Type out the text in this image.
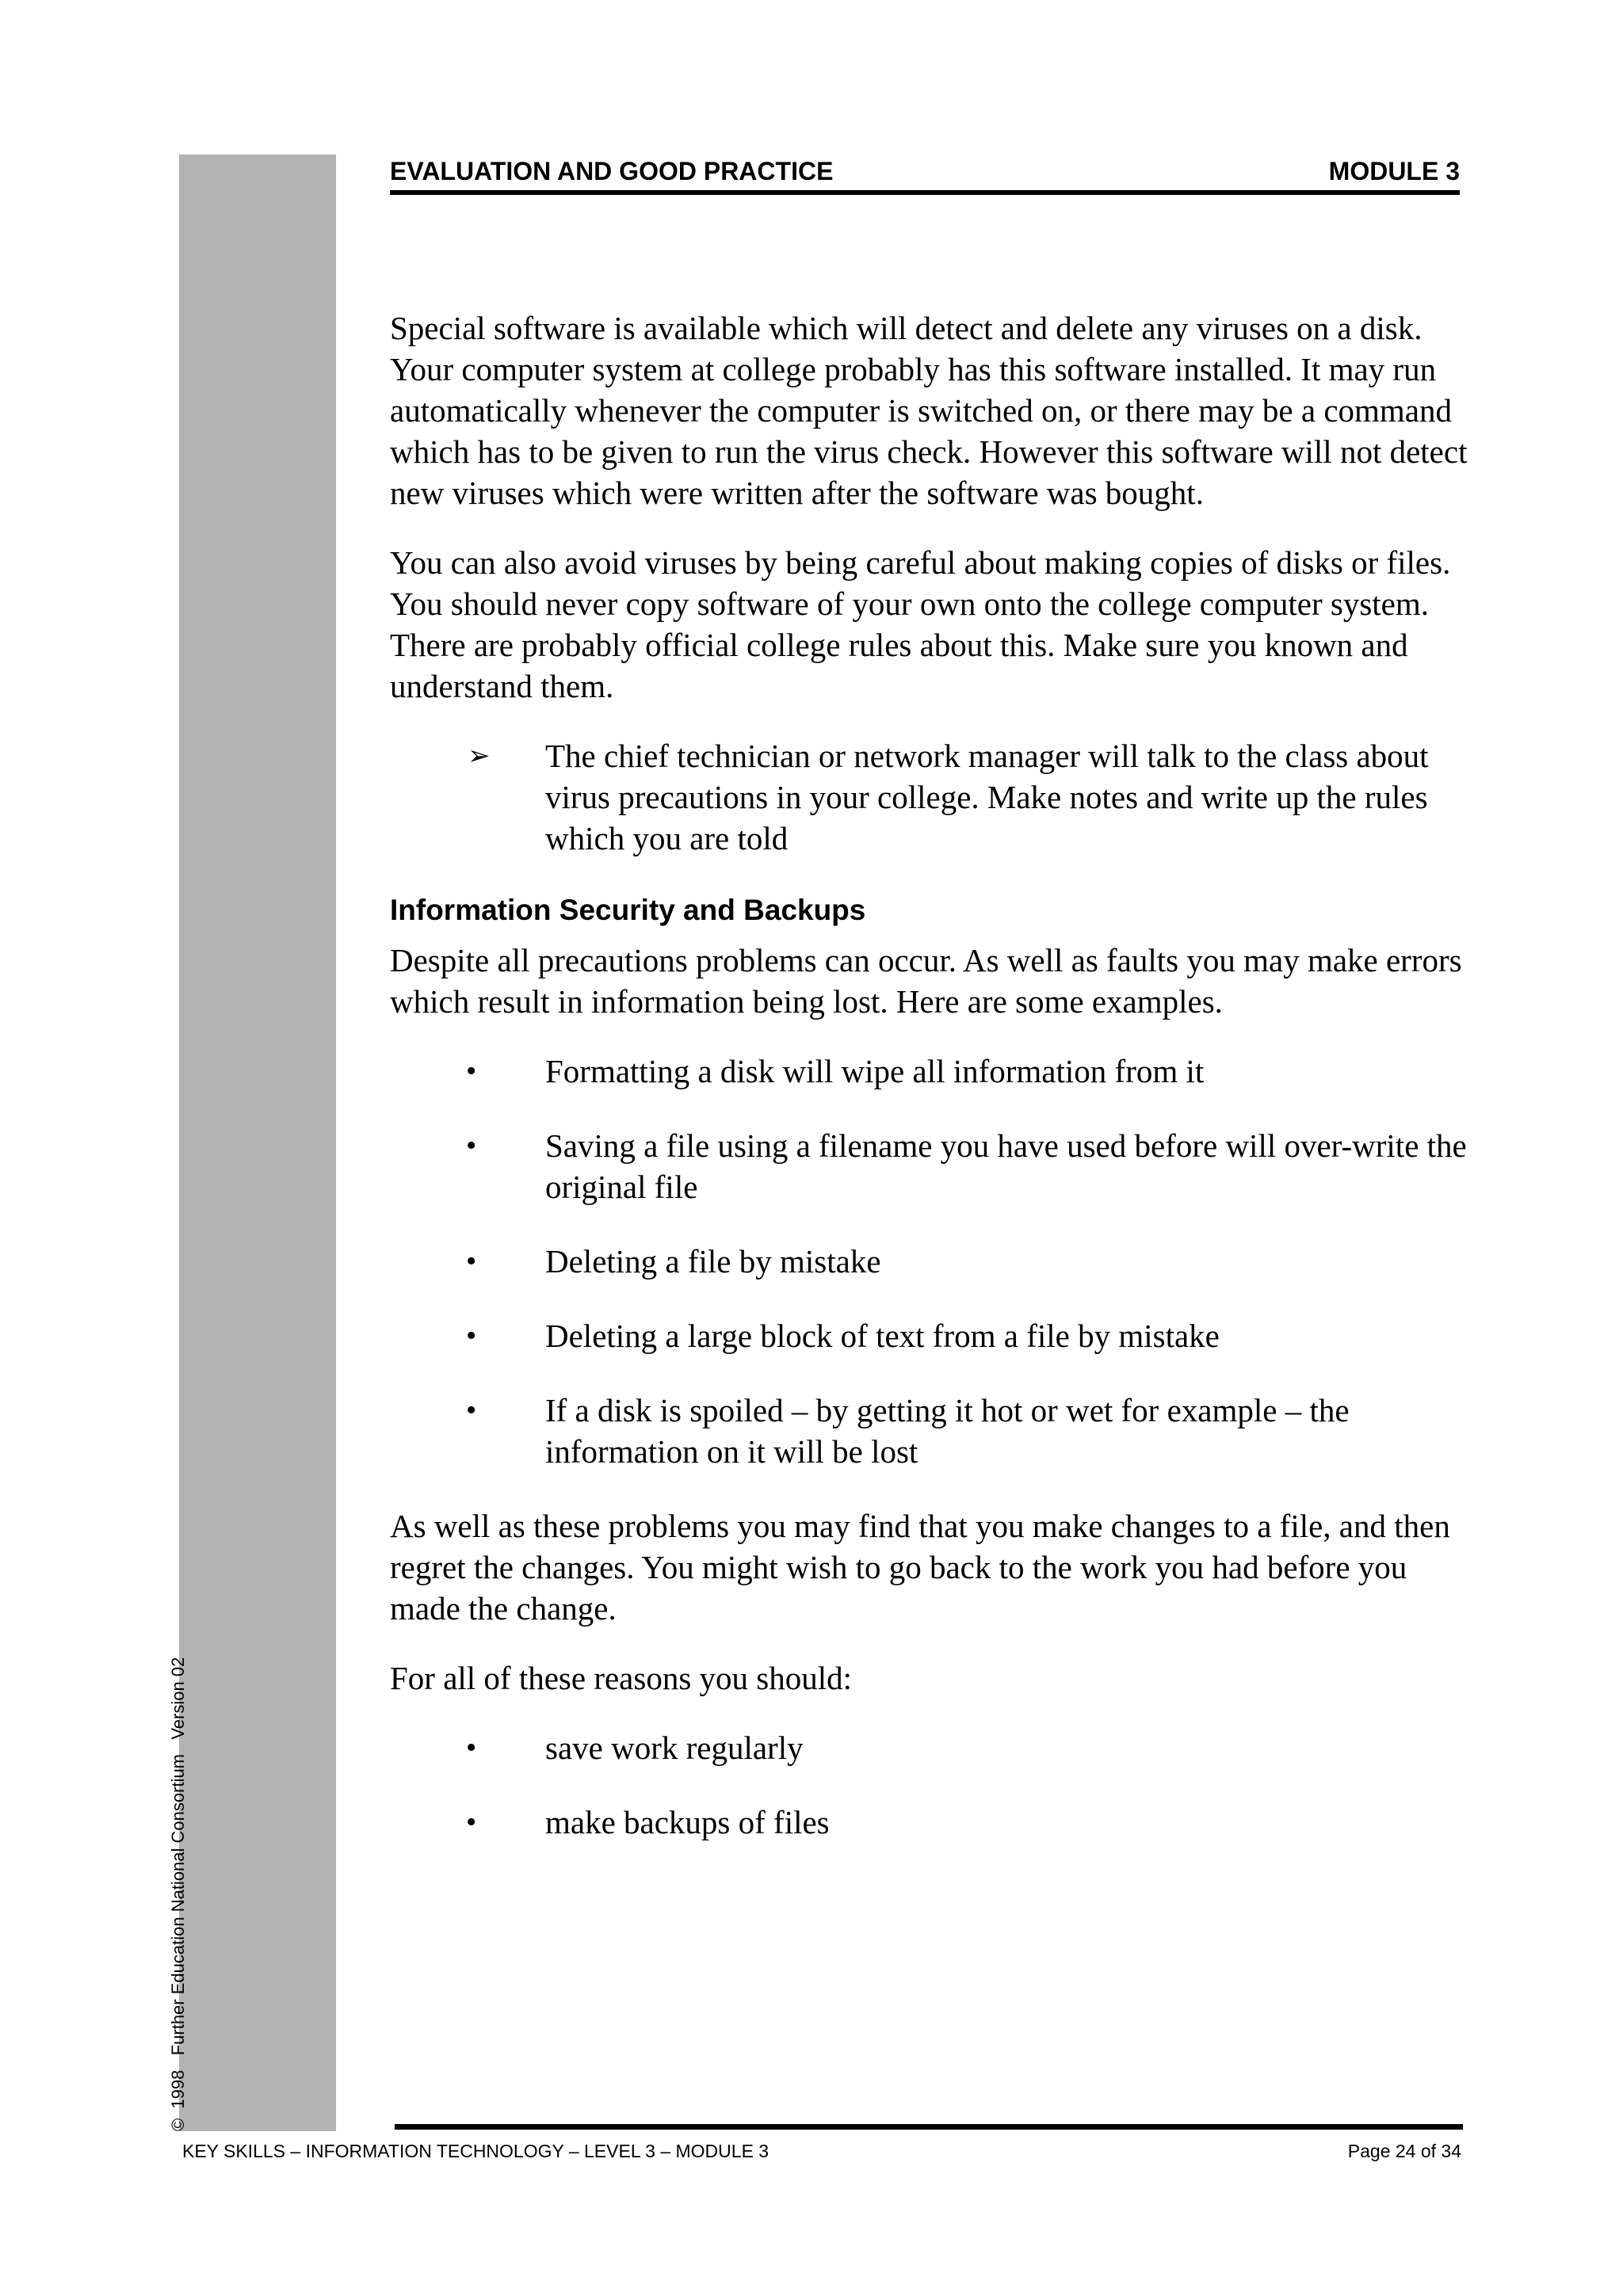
©  1998   Further Education National Consortium   Version 02
EVALUATION AND GOOD PRACTICE	MODULE 3

Special software is available which will detect and delete any viruses on a disk. Your computer system at college probably has this software installed. It may run automatically whenever the computer is switched on, or there may be a command which has to be given to run the virus check. However this software will not detect new viruses which were written after the software was bought.

You can also avoid viruses by being careful about making copies of disks or files. You should never copy software of your own onto the college computer system. There are probably official college rules about this. Make sure you known and understand them.

➢ The chief technician or network manager will talk to the class about virus precautions in your college. Make notes and write up the rules which you are told
Information Security and Backups

Despite all precautions problems can occur. As well as faults you may make errors which result in information being lost. Here are some examples.

•	Formatting a disk will wipe all information from it
•	Saving a file using a filename you have used before will over-write the original file
•	Deleting a file by mistake
•	Deleting a large block of text from a file by mistake
•	If a disk is spoiled – by getting it hot or wet for example – the information on it will be lost

As well as these problems you may find that you make changes to a file, and then regret the changes. You might wish to go back to the work you had before you made the change.

For all of these reasons you should:

•	save work regularly
•	make backups of files
KEY SKILLS – INFORMATION TECHNOLOGY – LEVEL 3 – MODULE 3	Page 24 of 34
